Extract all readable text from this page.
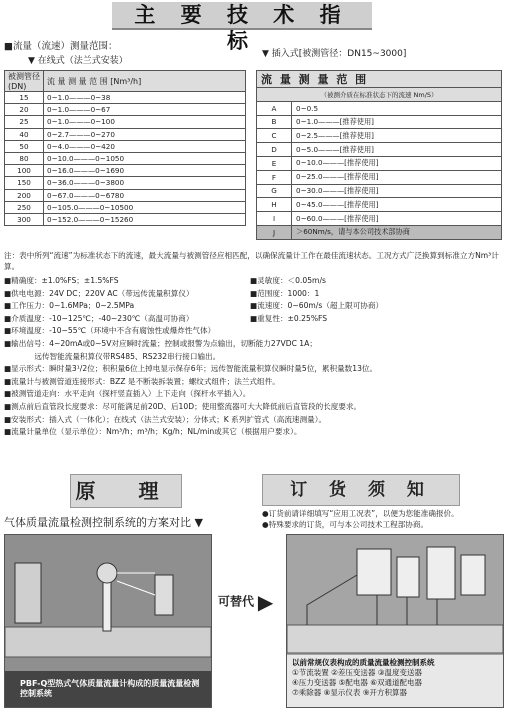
主 要 技 术 指 标
■流量（流速）测量范围：
▼ 在线式（法兰式安装）
▼ 插入式[被测管径：DN15~3000]
被测管径 (DN)	流 量 测 量 范 围 [Nm³/h]
15	0~1.0———0~38
20	0~1.0———0~67
25	0~1.0———0~100
40	0~2.7———0~270
50	0~4.0———0~420
80	0~10.0———0~1050
100	0~16.0———0~1690
150	0~36.0———0~3800
200	0~67.0———0~6780
250	0~105.0———0~10500
300	0~152.0———0~15260
流 量 测 量 范 围	
（被测介质在标准状态下的流速 Nm/S）	
A	0~0.5
B	0~1.0———[推荐使用]
C	0~2.5———[推荐使用]
D	0~5.0———[推荐使用]
E	0~10.0———[推荐使用]
F	0~25.0———[推荐使用]
G	0~30.0———[推荐使用]
H	0~45.0———[推荐使用]
I	0~60.0———[推荐使用]
J	＞60Nm/s，请与本公司技术部协商
注：表中所列“流速”为标准状态下的流速，最大流量与被测管径应相匹配，以确保流量计工作在最佳流速状态。工况方式广泛换算到标准立方Nm³计算。
■精确度：±1.0%FS；±1.5%FS	■灵敏度：＜0.05m/s
■供电电源：24V DC；220V AC（带远传流量积算仪）	■范围度：1000：1
■工作压力：0~1.6MPa；0~2.5MPa	■流速度：0~60m/s（超上限可协商）
■介质温度：-10~125℃；-40~230℃（高温可协商）	■重复性：±0.25%FS
■环境温度：-10~55℃（环境中不含有腐蚀性或爆炸性气体）
■输出信号：4~20mA或0~5V对应瞬时流量；控制或报警为点输出，切断能力27VDC 1A；
　　　　远传智能流量积算仪带RS485、RS232串行接口输出。
■显示形式：瞬时量3¹/2位；积积量6位上掉电显示保存6年；远传智能流量积算仪瞬时量5位，累积量数13位。
■流量计与被测管道连接形式：BZZ 是不断装拆装置；螺纹式组件；法兰式组件。
■被测管道走向：水平走向（探杆竖直插入）上下走向（探杆水平插入）。
■测点前后直管段长度要求：尽可能满足前20D、后10D；使用整流器可大大降低前后直管段的长度要求。
■安装形式：插入式（一体化）；在线式（法兰式安装）；分体式；K 系列扩管式（高流速测量）。
■流量计量单位（显示单位）：Nm³/h；m³/h；Kg/h；NL/min或其它（根据用户要求）。
原 理	订 货 须 知
●订货前请详细填写“应用工况表”，以便为您能准确报价。
●特殊要求的订货，可与本公司技术工程部协商。
气体质量流量检测控制系统的方案对比 ▼
PBF-Q型热式气体质量流量计构成的质量流量检测控制系统
可替代 ▶
以前常规仪表构成的质量流量检测控制系统
①节流装置 ②差压变送器 ③温度变送器
④压力变送器 ⑤配电器 ⑥双通道配电器
⑦乘除器 ⑧显示仪表 ⑨开方积算器
